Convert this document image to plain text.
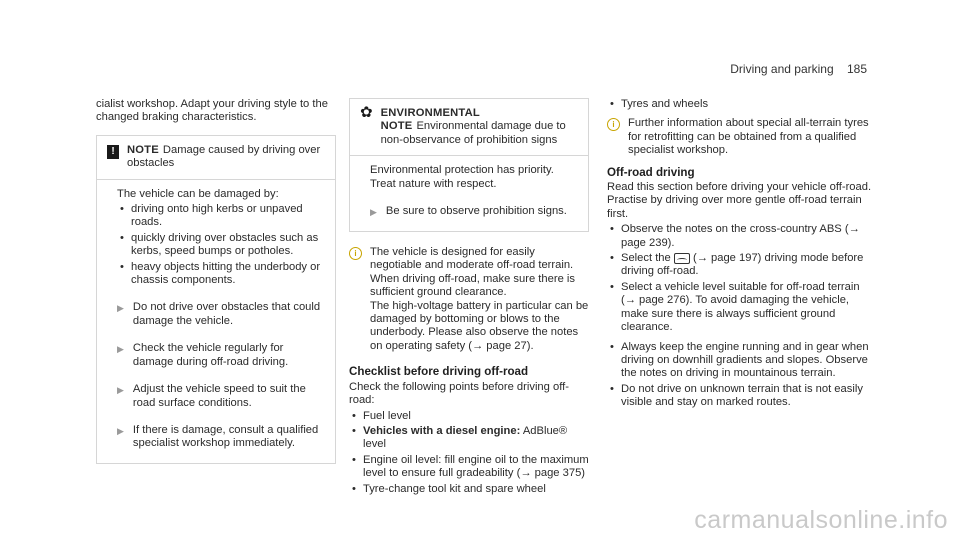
Driving and parking 185

cialist workshop. Adapt your driving style to the changed braking characteristics.

!	NOTE Damage caused by driving over obstacles

The vehicle can be damaged by:

• driving onto high kerbs or unpaved roads.
• quickly driving over obstacles such as kerbs, speed bumps or potholes.
• heavy objects hitting the underbody or chassis components.
▶ Do not drive over obstacles that could damage the vehicle.
▶ Check the vehicle regularly for damage during off-road driving.
▶ Adjust the vehicle speed to suit the road surface conditions.
▶ If there is damage, consult a qualified specialist workshop immediately.
✿ ENVIRONMENTAL NOTE Environmental damage due to non-observance of prohibition signs

Environmental protection has priority. Treat nature with respect.

▶ Be sure to observe prohibition signs.
i	The vehicle is designed for easily negotiable and moderate off-road terrain. When driving off-road, make sure there is sufficient ground clearance.

The high-voltage battery in particular can be damaged by bottoming or blows to the underbody. Please also observe the notes on operating safety (→ page 27).

Checklist before driving off-road

Check the following points before driving off-road:

• Fuel level
• Vehicles with a diesel engine: AdBlue® level
• Engine oil level: fill engine oil to the maximum level to ensure full gradeability (→ page 375)
• Tyre-change tool kit and spare wheel
• Tyres and wheels
i	Further information about special all-terrain tyres for retrofitting can be obtained from a qualified specialist workshop.

Off-road driving

Read this section before driving your vehicle off-road. Practise by driving over more gentle off-road terrain first.

• Observe the notes on the cross-country ABS (→ page 239).
• Select the (→ page 197) driving mode before driving off-road.
• Select a vehicle level suitable for off-road terrain (→ page 276). To avoid damaging the vehicle, make sure there is always sufficient ground clearance.
• Always keep the engine running and in gear when driving on downhill gradients and slopes. Observe the notes on driving in mountainous terrain.
• Do not drive on unknown terrain that is not easily visible and stay on marked routes.
carmanualsonline.info
